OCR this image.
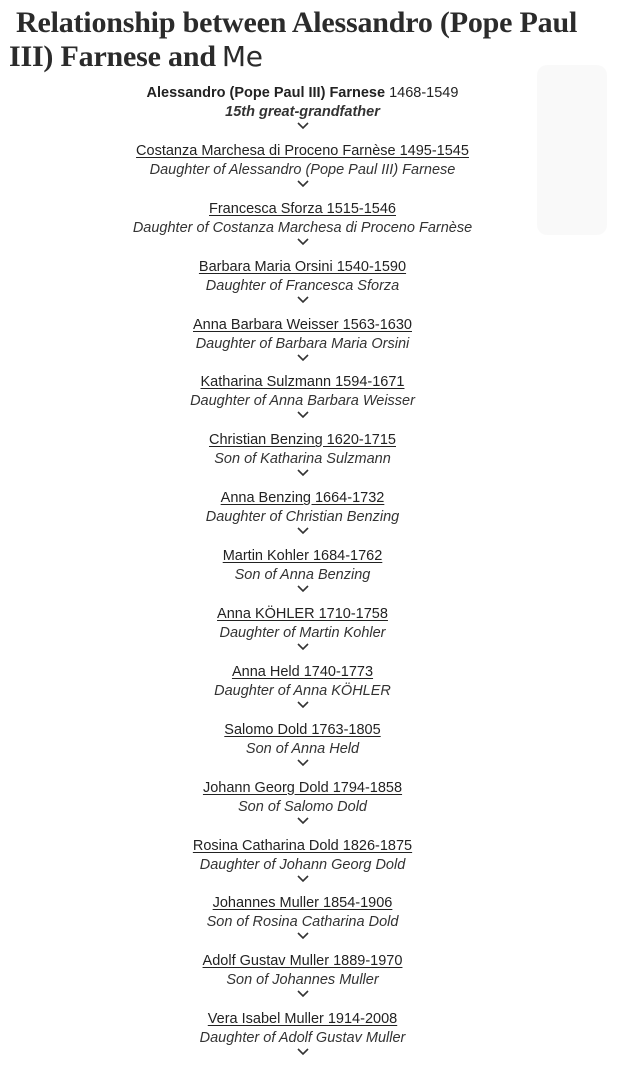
Relationship between Alessandro (Pope Paul
III) Farnese and Me
Alessandro (Pope Paul III) Farnese 1468-1549
15th great-grandfather
Costanza Marchesa di Proceno Farnèse 1495-1545
Daughter of Alessandro (Pope Paul III) Farnese
Francesca Sforza 1515-1546
Daughter of Costanza Marchesa di Proceno Farnèse
Barbara Maria Orsini 1540-1590
Daughter of Francesca Sforza
Anna Barbara Weisser 1563-1630
Daughter of Barbara Maria Orsini
Katharina Sulzmann 1594-1671
Daughter of Anna Barbara Weisser
Christian Benzing 1620-1715
Son of Katharina Sulzmann
Anna Benzing 1664-1732
Daughter of Christian Benzing
Martin Kohler 1684-1762
Son of Anna Benzing
Anna KÖHLER 1710-1758
Daughter of Martin Kohler
Anna Held 1740-1773
Daughter of Anna KÖHLER
Salomo Dold 1763-1805
Son of Anna Held
Johann Georg Dold 1794-1858
Son of Salomo Dold
Rosina Catharina Dold 1826-1875
Daughter of Johann Georg Dold
Johannes Muller 1854-1906
Son of Rosina Catharina Dold
Adolf Gustav Muller 1889-1970
Son of Johannes Muller
Vera Isabel Muller 1914-2008
Daughter of Adolf Gustav Muller
